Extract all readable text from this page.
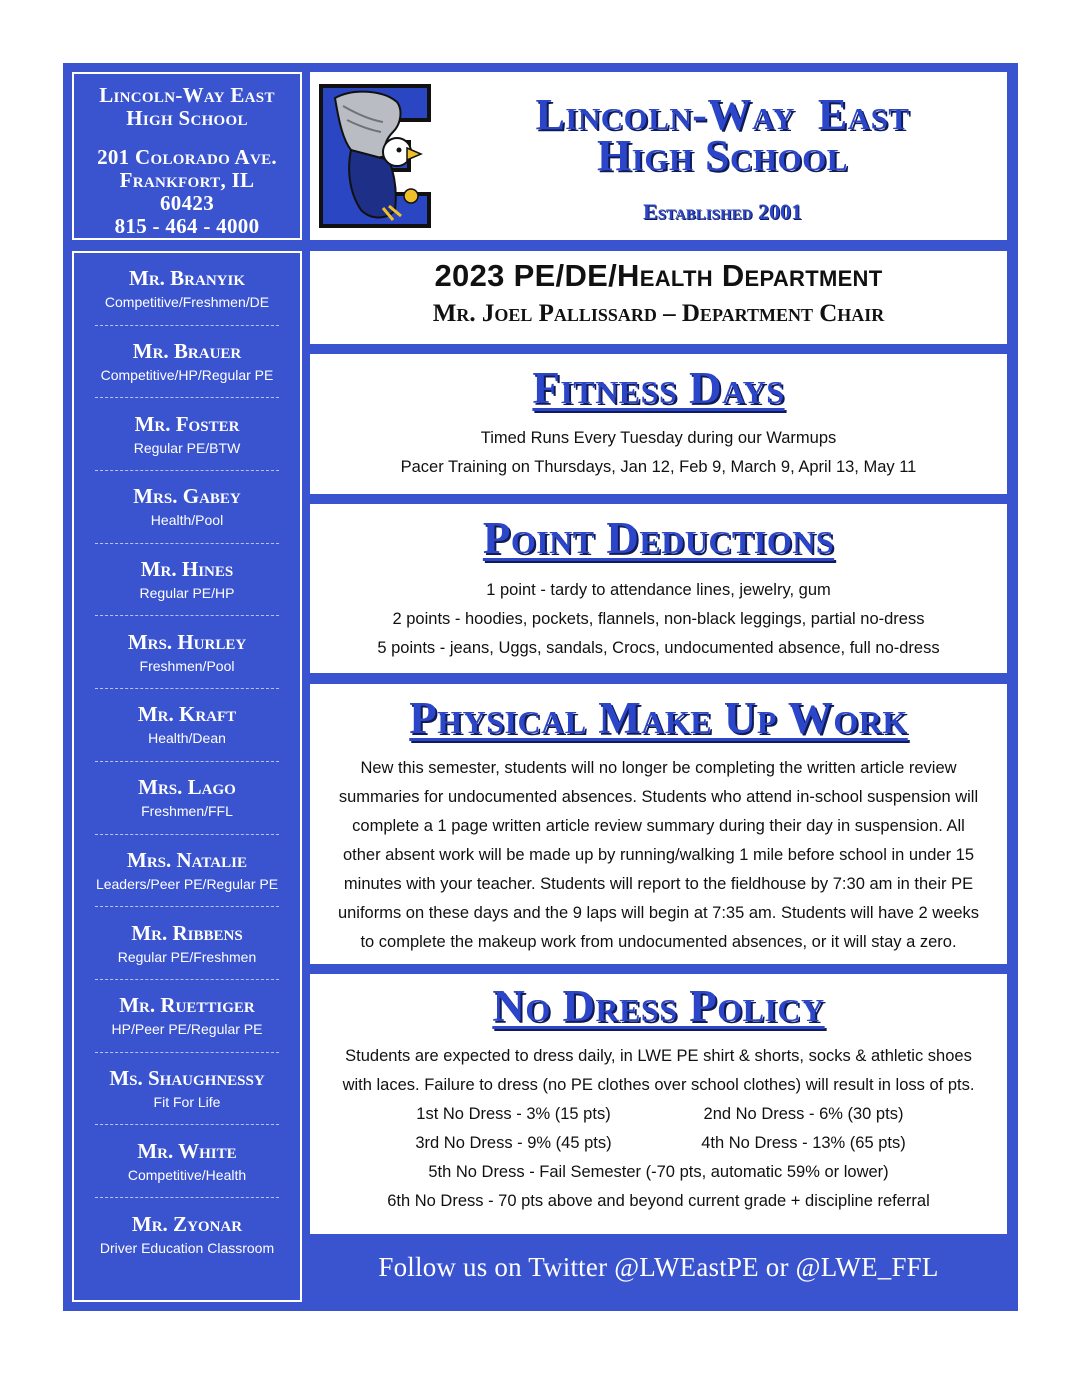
Lincoln-Way East
High School
201 Colorado Ave.
Frankfort, IL
60423
815 - 464 - 4000
Mr. Branyik
Competitive/Freshmen/DE
Mr. Brauer
Competitive/HP/Regular PE
Mr. Foster
Regular PE/BTW
Mrs. Gabey
Health/Pool
Mr. Hines
Regular PE/HP
Mrs. Hurley
Freshmen/Pool
Mr. Kraft
Health/Dean
Mrs. Lago
Freshmen/FFL
Mrs. Natalie
Leaders/Peer PE/Regular PE
Mr. Ribbens
Regular PE/Freshmen
Mr. Ruettiger
HP/Peer PE/Regular PE
Ms. Shaughnessy
Fit For Life
Mr. White
Competitive/Health
Mr. Zyonar
Driver Education Classroom
Lincoln-Way  East
High School
Established 2001
2023 PE/DE/Health Department
Mr. Joel Pallissard – Department Chair
Fitness Days
Timed Runs Every Tuesday during our Warmups
Pacer Training on Thursdays, Jan 12, Feb 9, March 9, April 13, May 11
Point Deductions
1 point - tardy to attendance lines, jewelry, gum
2 points - hoodies, pockets, flannels, non-black leggings, partial no-dress
5 points - jeans, Uggs, sandals, Crocs, undocumented absence, full no-dress
Physical Make Up Work
New this semester, students will no longer be completing the written article review
summaries for undocumented absences. Students who attend in-school suspension will
complete a 1 page written article review summary during their day in suspension. All
other absent work will be made up by running/walking 1 mile before school in under 15
minutes with your teacher. Students will report to the fieldhouse by 7:30 am in their PE
uniforms on these days and the 9 laps will begin at 7:35 am. Students will have 2 weeks
to complete the makeup work from undocumented absences, or it will stay a zero.
No Dress Policy
Students are expected to dress daily, in LWE PE shirt & shorts, socks & athletic shoes
with laces. Failure to dress (no PE clothes over school clothes) will result in loss of pts.
1st No Dress - 3% (15 pts)	2nd No Dress - 6% (30 pts)
3rd No Dress - 9% (45 pts)	4th No Dress - 13% (65 pts)
5th No Dress - Fail Semester (-70 pts, automatic 59% or lower)
6th No Dress - 70 pts above and beyond current grade + discipline referral
Follow us on Twitter @LWEastPE or @LWE_FFL
